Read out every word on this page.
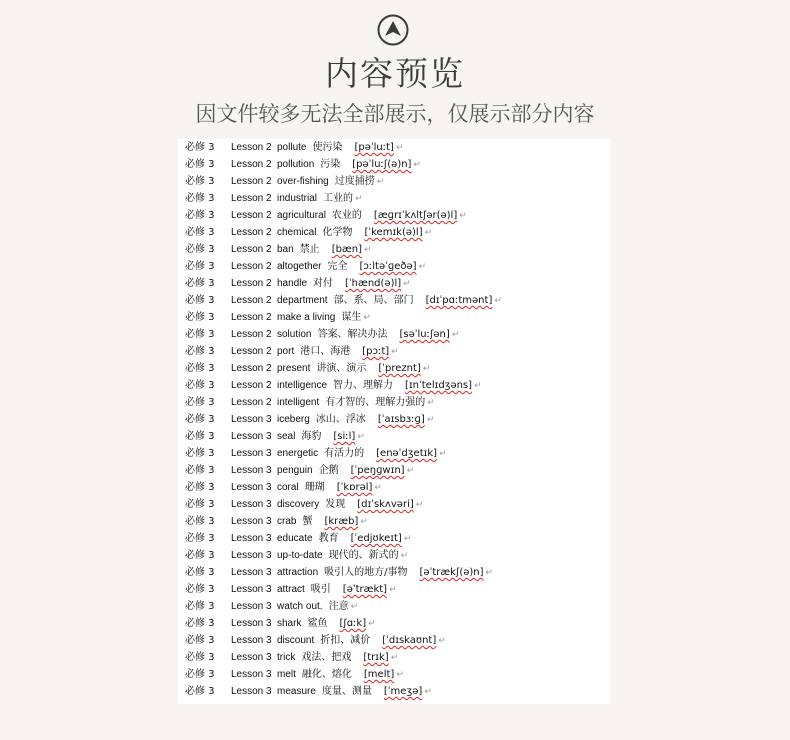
内容预览
因文件较多无法全部展示，仅展示部分内容
必修 3 Lesson 2 pollute 使污染 [pəˈluːt] ↵
必修 3 Lesson 2 pollution 污染 [pəˈluːʃ(ə)n] ↵
必修 3 Lesson 2 over-fishing 过度捕捞 ↵
必修 3 Lesson 2 industrial 工业的 ↵
必修 3 Lesson 2 agricultural 农业的 [æɡrɪˈkʌltʃər(ə)l] ↵
必修 3 Lesson 2 chemical 化学物 [ˈkemɪk(ə)l] ↵
必修 3 Lesson 2 ban 禁止 [bæn] ↵
必修 3 Lesson 2 altogether 完全 [ɔːltəˈɡeðə] ↵
必修 3 Lesson 2 handle 对付 [ˈhænd(ə)l] ↵
必修 3 Lesson 2 department 部、系、局、部门 [dɪˈpɑːtmənt] ↵
必修 3 Lesson 2 make a living 谋生 ↵
必修 3 Lesson 2 solution 答案、解决办法 [səˈluːʃən] ↵
必修 3 Lesson 2 port 港口、海港 [pɔːt] ↵
必修 3 Lesson 2 present 讲演、演示 [ˈpreznt] ↵
必修 3 Lesson 2 intelligence 智力、理解力 [ɪnˈtelɪdʒəns] ↵
必修 3 Lesson 2 intelligent 有才智的、理解力强的 ↵
必修 3 Lesson 3 iceberg 冰山、浮冰 [ˈaɪsbɜːɡ] ↵
必修 3 Lesson 3 seal 海豹 [siːl] ↵
必修 3 Lesson 3 energetic 有活力的 [enəˈdʒetɪk] ↵
必修 3 Lesson 3 penguin 企鹅 [ˈpeŋɡwɪn] ↵
必修 3 Lesson 3 coral 珊瑚 [ˈkɒrəl] ↵
必修 3 Lesson 3 discovery 发现 [dɪˈskʌvəri] ↵
必修 3 Lesson 3 crab 蟹 [kræb] ↵
必修 3 Lesson 3 educate 教育 [ˈedjʊkeɪt] ↵
必修 3 Lesson 3 up-to-date 现代的、新式的 ↵
必修 3 Lesson 3 attraction 吸引人的地方/事物 [əˈtrækʃ(ə)n] ↵
必修 3 Lesson 3 attract 吸引 [əˈtrækt] ↵
必修 3 Lesson 3 watch out. 注意 ↵
必修 3 Lesson 3 shark 鲨鱼 [ʃɑːk] ↵
必修 3 Lesson 3 discount 折扣、减价 [ˈdɪskaʊnt] ↵
必修 3 Lesson 3 trick 戏法、把戏 [trɪk] ↵
必修 3 Lesson 3 melt 融化、熔化 [melt] ↵
必修 3 Lesson 3 measure 度量、测量 [ˈmeʒə] ↵
